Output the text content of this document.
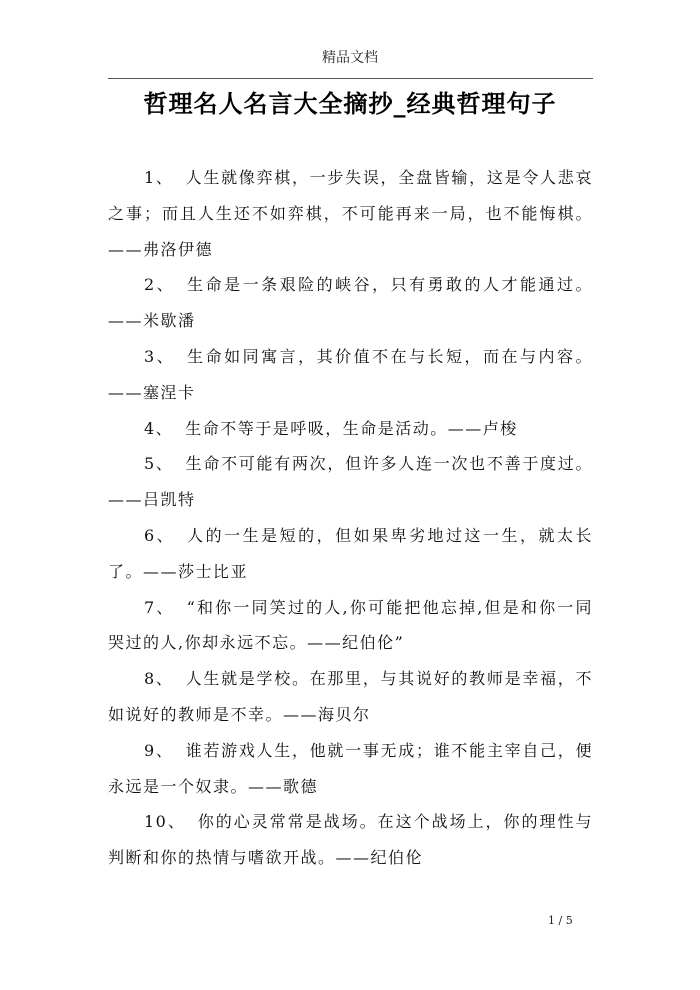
精品文档
哲理名人名言大全摘抄_经典哲理句子

1、 人生就像弈棋，一步失误，全盘皆输，这是令人悲哀之事；而且人生还不如弈棋，不可能再来一局，也不能悔棋。——弗洛伊德

2、 生命是一条艰险的峡谷，只有勇敢的人才能通过。——米歇潘

3、 生命如同寓言，其价值不在与长短，而在与内容。——塞涅卡

4、 生命不等于是呼吸，生命是活动。——卢梭

5、 生命不可能有两次，但许多人连一次也不善于度过。——吕凯特

6、 人的一生是短的，但如果卑劣地过这一生，就太长了。——莎士比亚

7、 “和你一同笑过的人,你可能把他忘掉,但是和你一同哭过的人,你却永远不忘。——纪伯伦”

8、 人生就是学校。在那里，与其说好的教师是幸福，不如说好的教师是不幸。——海贝尔

9、 谁若游戏人生，他就一事无成；谁不能主宰自己，便永远是一个奴隶。——歌德

10、 你的心灵常常是战场。在这个战场上，你的理性与判断和你的热情与嗜欲开战。——纪伯伦

1 / 5
